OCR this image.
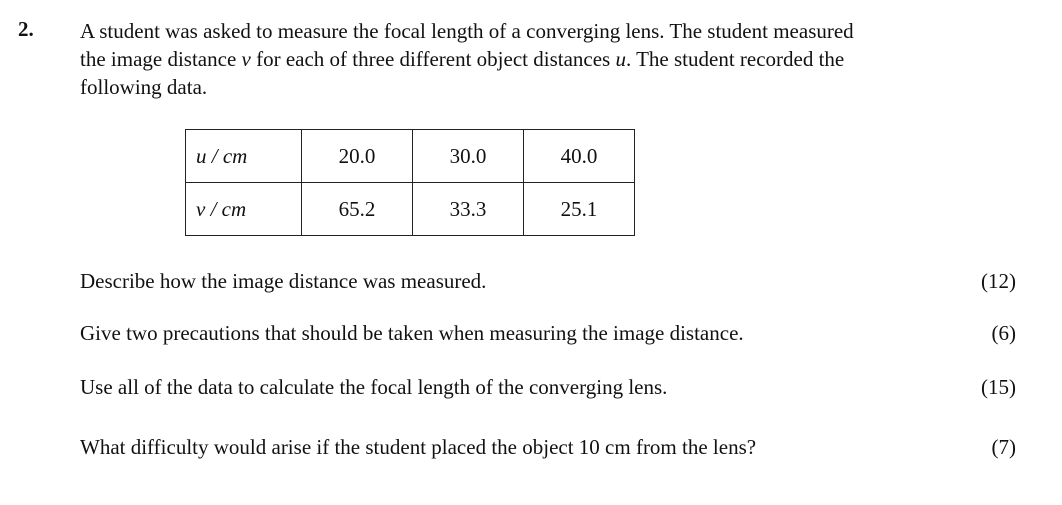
2. A student was asked to measure the focal length of a converging lens. The student measured
the image distance v for each of three different object distances u. The student recorded the
following data.
u / cm	20.0	30.0	40.0
v / cm	65.2	33.3	25.1
Describe how the image distance was measured.	(12)
Give two precautions that should be taken when measuring the image distance.	(6)
Use all of the data to calculate the focal length of the converging lens.	(15)
What difficulty would arise if the student placed the object 10 cm from the lens?	(7)
